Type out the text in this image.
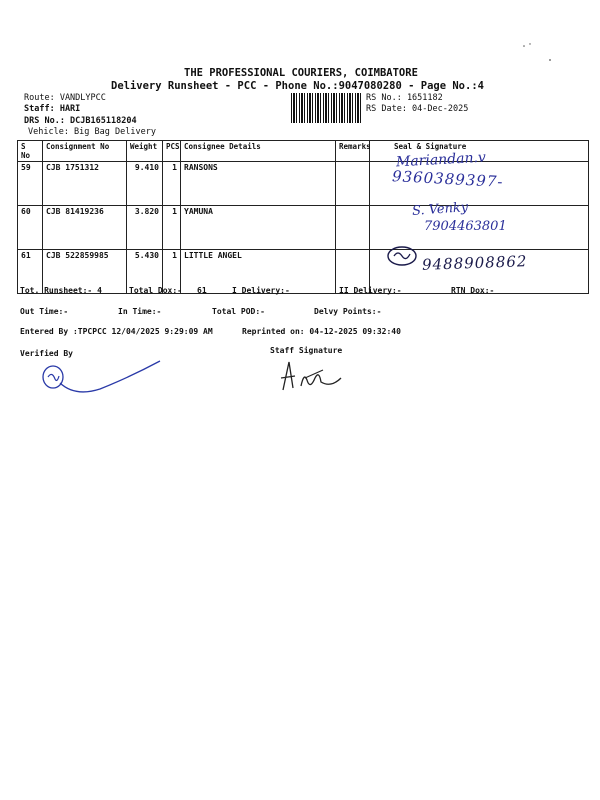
THE PROFESSIONAL COURIERS, COIMBATORE
Delivery Runsheet - PCC - Phone No.:9047080280 - Page No.:4
Route: VANDLYPCC
Staff: HARI
DRS No.: DCJB165118204
Vehicle: Big Bag Delivery
RS No.: 1651182
RS Date: 04-Dec-2025
S No	Consignment No	Weight	PCS	Consignee Details	Remarks	Seal & Signature
59	CJB 1751312	9.410	1	RANSONS		
60	CJB 81419236	3.820	1	YAMUNA		
61	CJB 522859985	5.430	1	LITTLE ANGEL		
Mariandan.v
9360389397-
S. Venky
7904463801
9488908862
Tot. Runsheet:- 4	Total Dox:- 61	I Delivery:-	II Delivery:-	RTN Dox:-
Out Time:-	In Time:-	Total POD:-	Delvy Points:-
Entered By :TPCPCC 12/04/2025 9:29:09 AM	Reprinted on: 04-12-2025 09:32:40
Verified By	Staff Signature
